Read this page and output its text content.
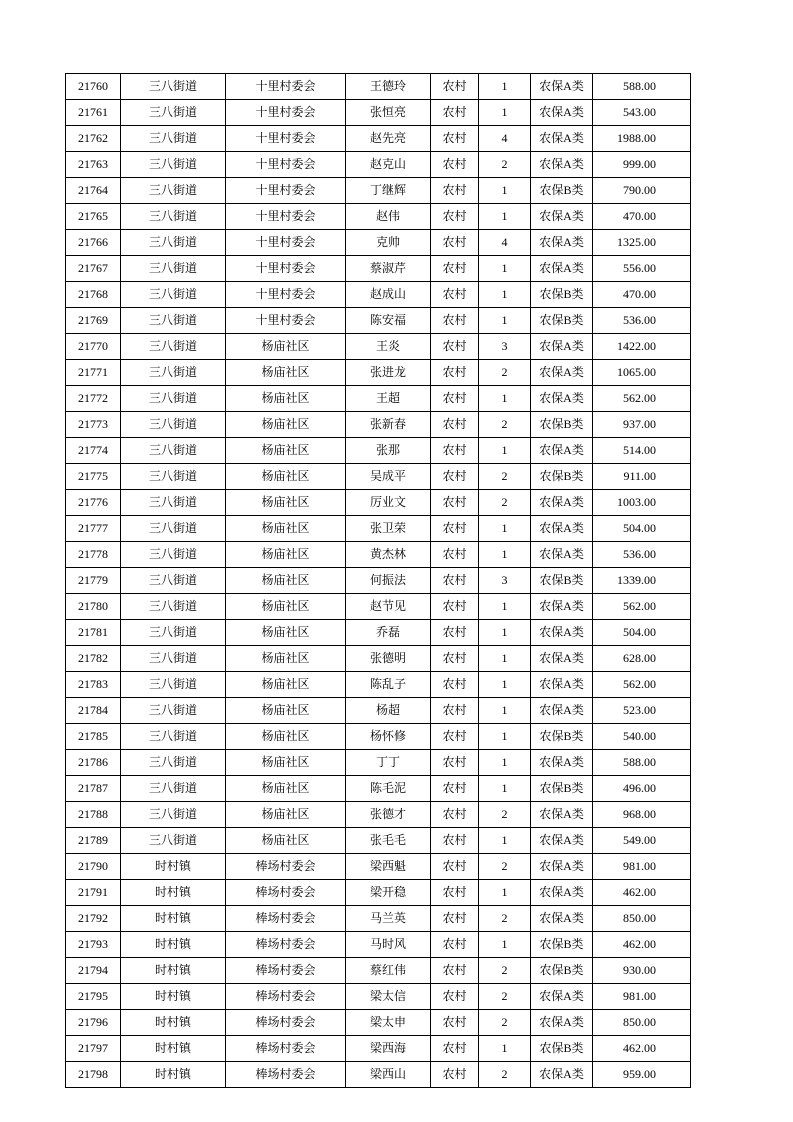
21760	三八街道	十里村委会	王德玲	农村	1	农保A类	588.00
21761	三八街道	十里村委会	张恒亮	农村	1	农保A类	543.00
21762	三八街道	十里村委会	赵先亮	农村	4	农保A类	1988.00
21763	三八街道	十里村委会	赵克山	农村	2	农保A类	999.00
21764	三八街道	十里村委会	丁继辉	农村	1	农保B类	790.00
21765	三八街道	十里村委会	赵伟	农村	1	农保A类	470.00
21766	三八街道	十里村委会	克帅	农村	4	农保A类	1325.00
21767	三八街道	十里村委会	蔡淑芹	农村	1	农保A类	556.00
21768	三八街道	十里村委会	赵成山	农村	1	农保B类	470.00
21769	三八街道	十里村委会	陈安福	农村	1	农保B类	536.00
21770	三八街道	杨庙社区	王炎	农村	3	农保A类	1422.00
21771	三八街道	杨庙社区	张进龙	农村	2	农保A类	1065.00
21772	三八街道	杨庙社区	王超	农村	1	农保A类	562.00
21773	三八街道	杨庙社区	张新春	农村	2	农保B类	937.00
21774	三八街道	杨庙社区	张那	农村	1	农保A类	514.00
21775	三八街道	杨庙社区	吴成平	农村	2	农保B类	911.00
21776	三八街道	杨庙社区	厉业文	农村	2	农保A类	1003.00
21777	三八街道	杨庙社区	张卫荣	农村	1	农保A类	504.00
21778	三八街道	杨庙社区	黄杰林	农村	1	农保A类	536.00
21779	三八街道	杨庙社区	何振法	农村	3	农保B类	1339.00
21780	三八街道	杨庙社区	赵节见	农村	1	农保A类	562.00
21781	三八街道	杨庙社区	乔磊	农村	1	农保A类	504.00
21782	三八街道	杨庙社区	张德明	农村	1	农保A类	628.00
21783	三八街道	杨庙社区	陈乱子	农村	1	农保A类	562.00
21784	三八街道	杨庙社区	杨超	农村	1	农保A类	523.00
21785	三八街道	杨庙社区	杨怀修	农村	1	农保B类	540.00
21786	三八街道	杨庙社区	丁丁	农村	1	农保A类	588.00
21787	三八街道	杨庙社区	陈毛泥	农村	1	农保B类	496.00
21788	三八街道	杨庙社区	张德才	农村	2	农保A类	968.00
21789	三八街道	杨庙社区	张毛毛	农村	1	农保A类	549.00
21790	时村镇	棒场村委会	梁西魁	农村	2	农保A类	981.00
21791	时村镇	棒场村委会	梁开稳	农村	1	农保A类	462.00
21792	时村镇	棒场村委会	马兰英	农村	2	农保A类	850.00
21793	时村镇	棒场村委会	马时风	农村	1	农保B类	462.00
21794	时村镇	棒场村委会	蔡红伟	农村	2	农保B类	930.00
21795	时村镇	棒场村委会	梁太信	农村	2	农保A类	981.00
21796	时村镇	棒场村委会	梁太申	农村	2	农保A类	850.00
21797	时村镇	棒场村委会	梁西海	农村	1	农保B类	462.00
21798	时村镇	棒场村委会	梁西山	农村	2	农保A类	959.00
